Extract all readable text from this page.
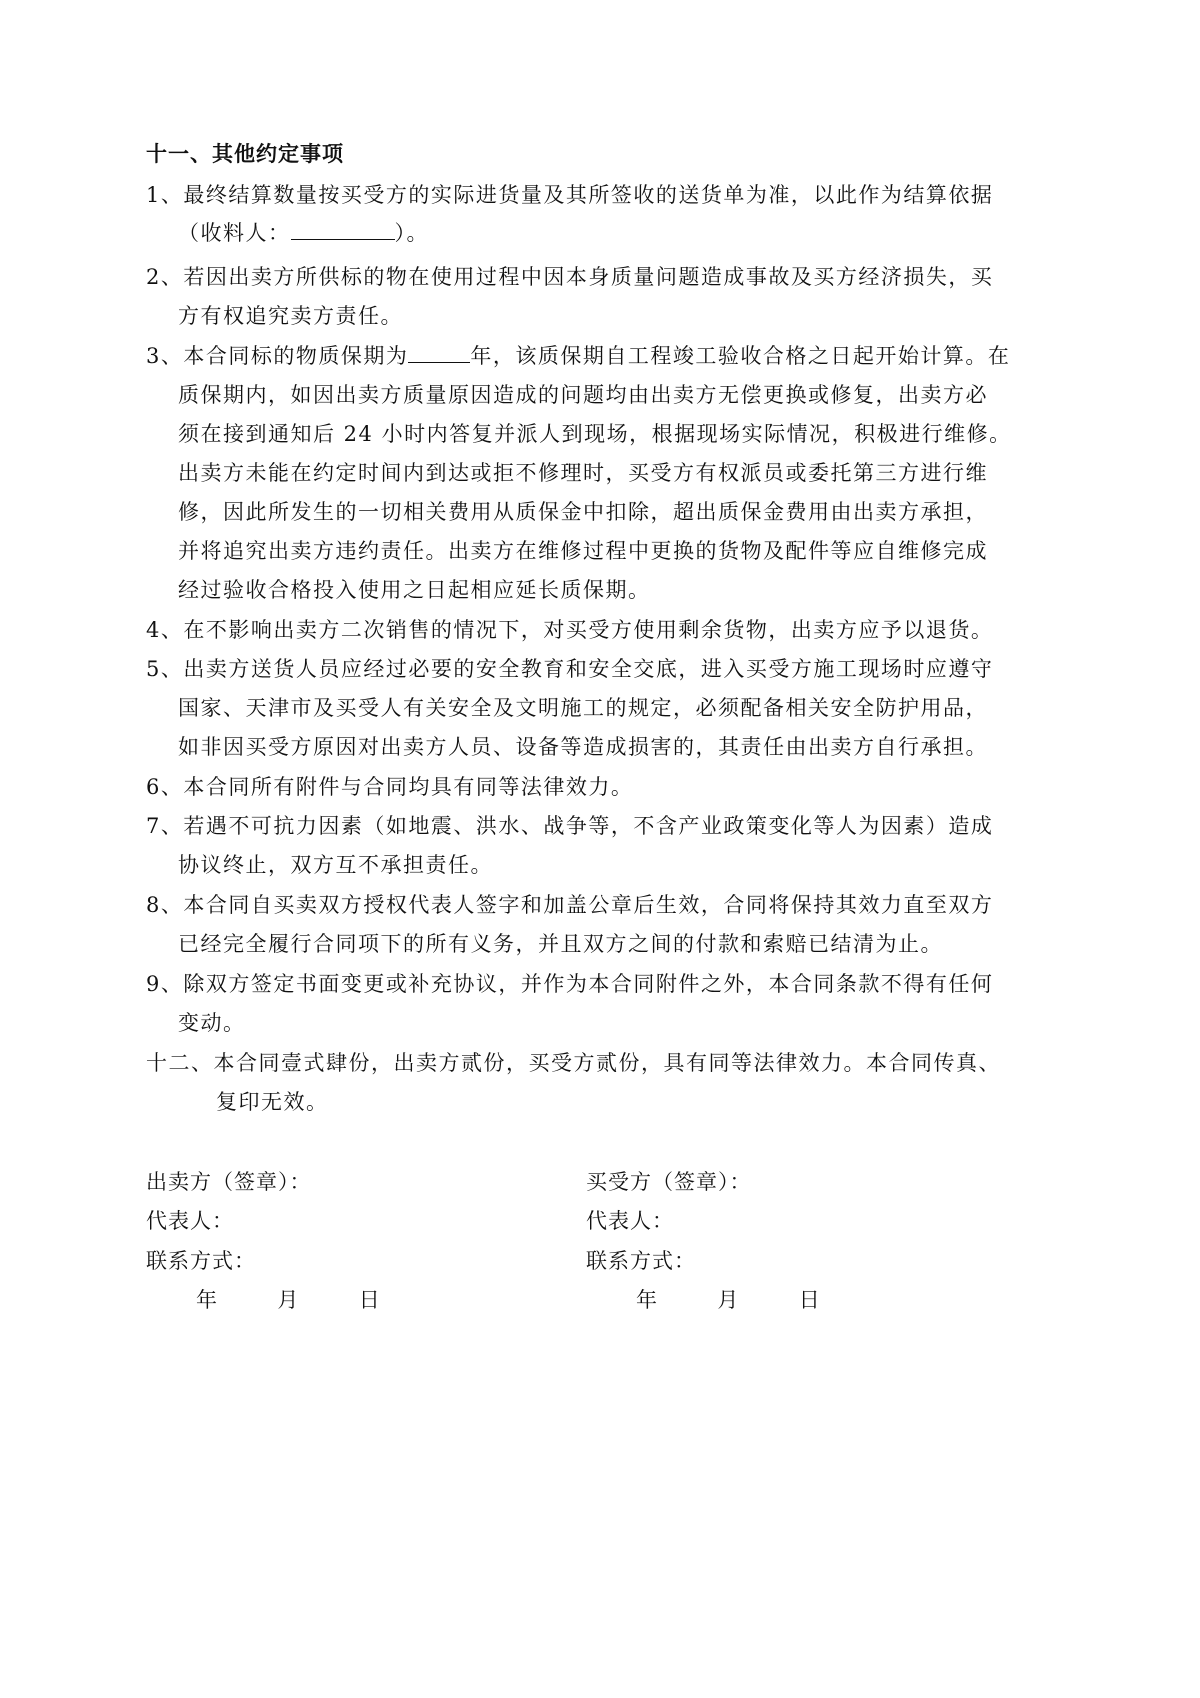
十一、其他约定事项
1、最终结算数量按买受方的实际进货量及其所签收的送货单为准，以此作为结算依据
（收料人：	）。
2、若因出卖方所供标的物在使用过程中因本身质量问题造成事故及买方经济损失，买
方有权追究卖方责任。
3、本合同标的物质保期为	年，该质保期自工程竣工验收合格之日起开始计算。在
质保期内，如因出卖方质量原因造成的问题均由出卖方无偿更换或修复，出卖方必
须在接到通知后 24 小时内答复并派人到现场，根据现场实际情况，积极进行维修。
出卖方未能在约定时间内到达或拒不修理时，买受方有权派员或委托第三方进行维
修，因此所发生的一切相关费用从质保金中扣除，超出质保金费用由出卖方承担，
并将追究出卖方违约责任。出卖方在维修过程中更换的货物及配件等应自维修完成
经过验收合格投入使用之日起相应延长质保期。
4、在不影响出卖方二次销售的情况下，对买受方使用剩余货物，出卖方应予以退货。
5、出卖方送货人员应经过必要的安全教育和安全交底，进入买受方施工现场时应遵守
国家、天津市及买受人有关安全及文明施工的规定，必须配备相关安全防护用品，
如非因买受方原因对出卖方人员、设备等造成损害的，其责任由出卖方自行承担。
6、本合同所有附件与合同均具有同等法律效力。
7、若遇不可抗力因素（如地震、洪水、战争等，不含产业政策变化等人为因素）造成
协议终止，双方互不承担责任。
8、本合同自买卖双方授权代表人签字和加盖公章后生效，合同将保持其效力直至双方
已经完全履行合同项下的所有义务，并且双方之间的付款和索赔已结清为止。
9、除双方签定书面变更或补充协议，并作为本合同附件之外，本合同条款不得有任何
变动。
十二、本合同壹式肆份，出卖方贰份，买受方贰份，具有同等法律效力。本合同传真、
复印无效。
出卖方（签章）：
代表人：
联系方式：
年	月	日
买受方（签章）：
代表人：
联系方式：
年	月	日
